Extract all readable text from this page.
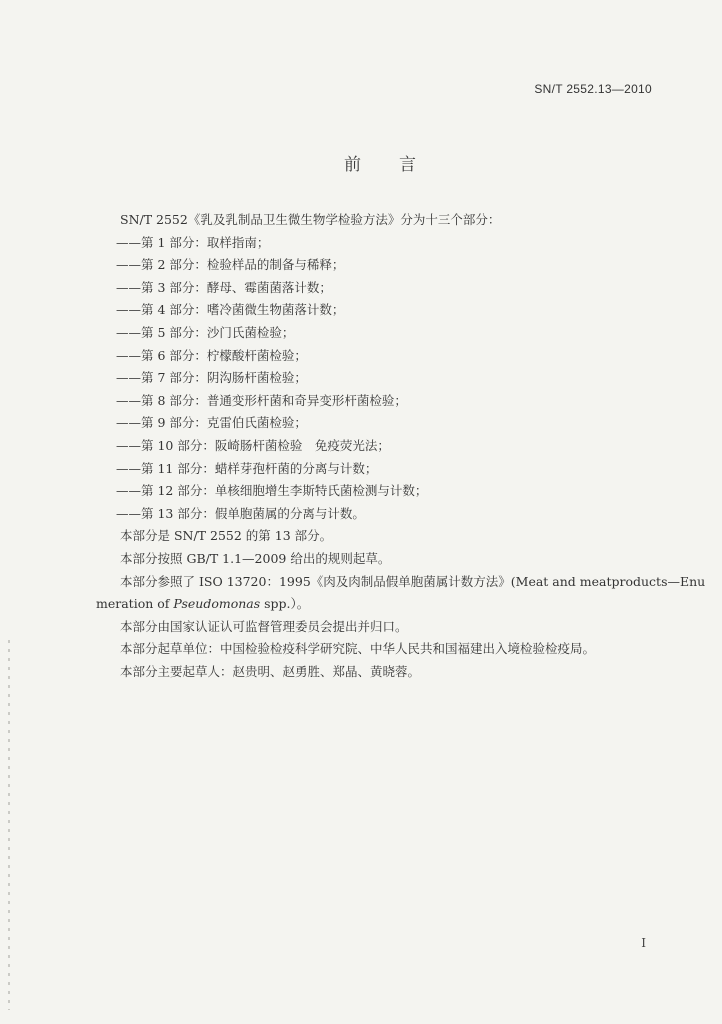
SN/T 2552.13—2010
前言
SN/T 2552《乳及乳制品卫生微生物学检验方法》分为十三个部分：
——第 1 部分：取样指南；
——第 2 部分：检验样品的制备与稀释；
——第 3 部分：酵母、霉菌菌落计数；
——第 4 部分：嗜冷菌微生物菌落计数；
——第 5 部分：沙门氏菌检验；
——第 6 部分：柠檬酸杆菌检验；
——第 7 部分：阴沟肠杆菌检验；
——第 8 部分：普通变形杆菌和奇异变形杆菌检验；
——第 9 部分：克雷伯氏菌检验；
——第 10 部分：阪崎肠杆菌检验　免疫荧光法；
——第 11 部分：蜡样芽孢杆菌的分离与计数；
——第 12 部分：单核细胞增生李斯特氏菌检测与计数；
——第 13 部分：假单胞菌属的分离与计数。
本部分是 SN/T 2552 的第 13 部分。
本部分按照 GB/T 1.1—2009 给出的规则起草。
本部分参照了 ISO 13720：1995《肉及肉制品假单胞菌属计数方法》(Meat and meatproducts—Enu
meration of Pseudomonas spp.）。
本部分由国家认证认可监督管理委员会提出并归口。
本部分起草单位：中国检验检疫科学研究院、中华人民共和国福建出入境检验检疫局。
本部分主要起草人：赵贵明、赵勇胜、郑晶、黄晓蓉。
I
